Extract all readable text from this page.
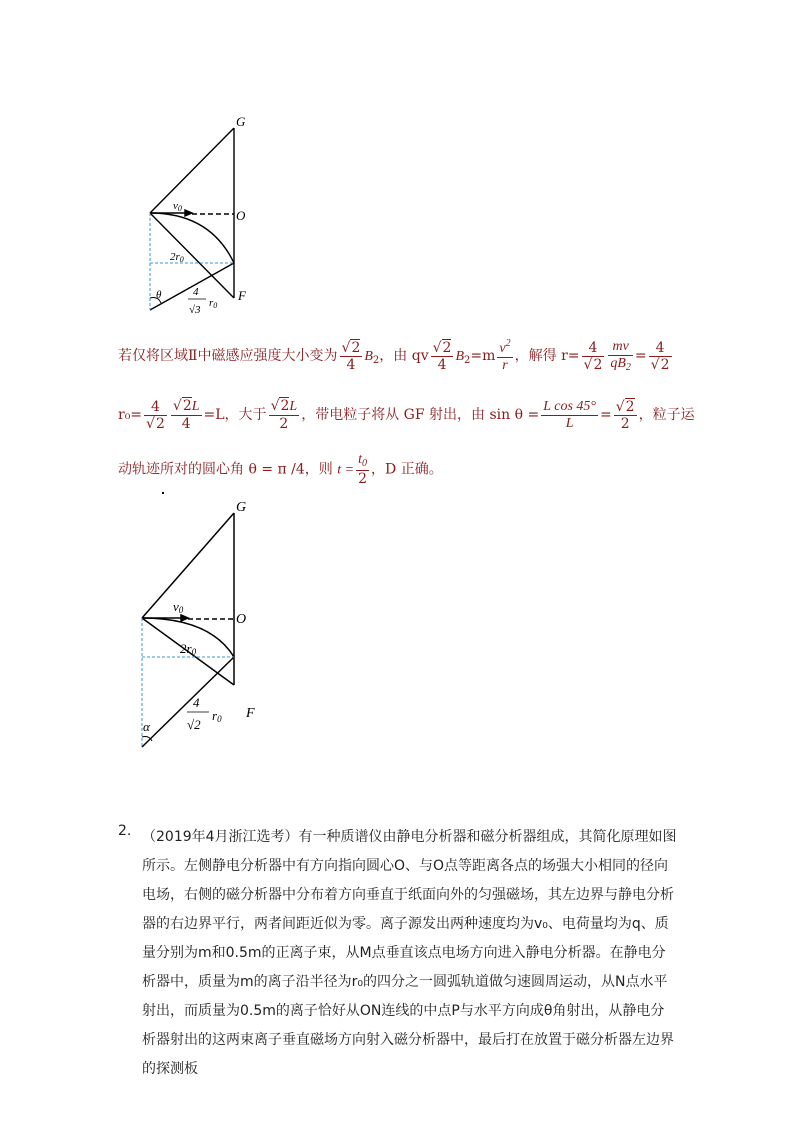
G
O
F
v0
2r0
θ	4
√3
r0
若仅将区域Ⅱ中磁感应强度大小变为 $\frac{√2}{4} B_2$，由 qv $\frac{√2}{4} B_2=m \frac{v^2}{r}$ ，解得 $r= \frac{4}{√2} \frac{mv}{qB_2} = \frac{4}{√2}$
$r_0= \frac{4}{√2} \frac{√2L}{4} =L$，大于 $\frac{√2L}{2}$ ，带电粒子将从 GF 射出，由 $\sin \theta = \frac{\text{L cos 45°}}{L} = \frac{√2}{2}$ ，粒子运
动轨迹所对的圆心角 θ = π /4，则 $t = \frac{t_0}{2}$ ，D 正确。
G
O
F
v0
2r0
α
4
√2
r0
2. （2019年4月浙江选考）有一种质谱仪由静电分析器和磁分析器组成，其简化原理如图所示。左侧静电分析器中有方向指向圆心O、与O点等距离各点的场强大小相同的径向电场，右侧的磁分析器中分布着方向垂直于纸面向外的匀强磁场，其左边界与静电分析器的右边界平行，两者间距近似为零。离子源发出两种速度均为v₀、电荷量均为q、质量分别为m和0.5m的正离子束，从M点垂直该点电场方向进入静电分析器。在静电分析器中，质量为m的离子沿半径为r₀的四分之一圆弧轨道做匀速圆周运动，从N点水平射出，而质量为0.5m的离子恰好从ON连线的中点P与水平方向成θ角射出，从静电分析器射出的这两束离子垂直磁场方向射入磁分析器中，最后打在放置于磁分析器左边界的探测板
